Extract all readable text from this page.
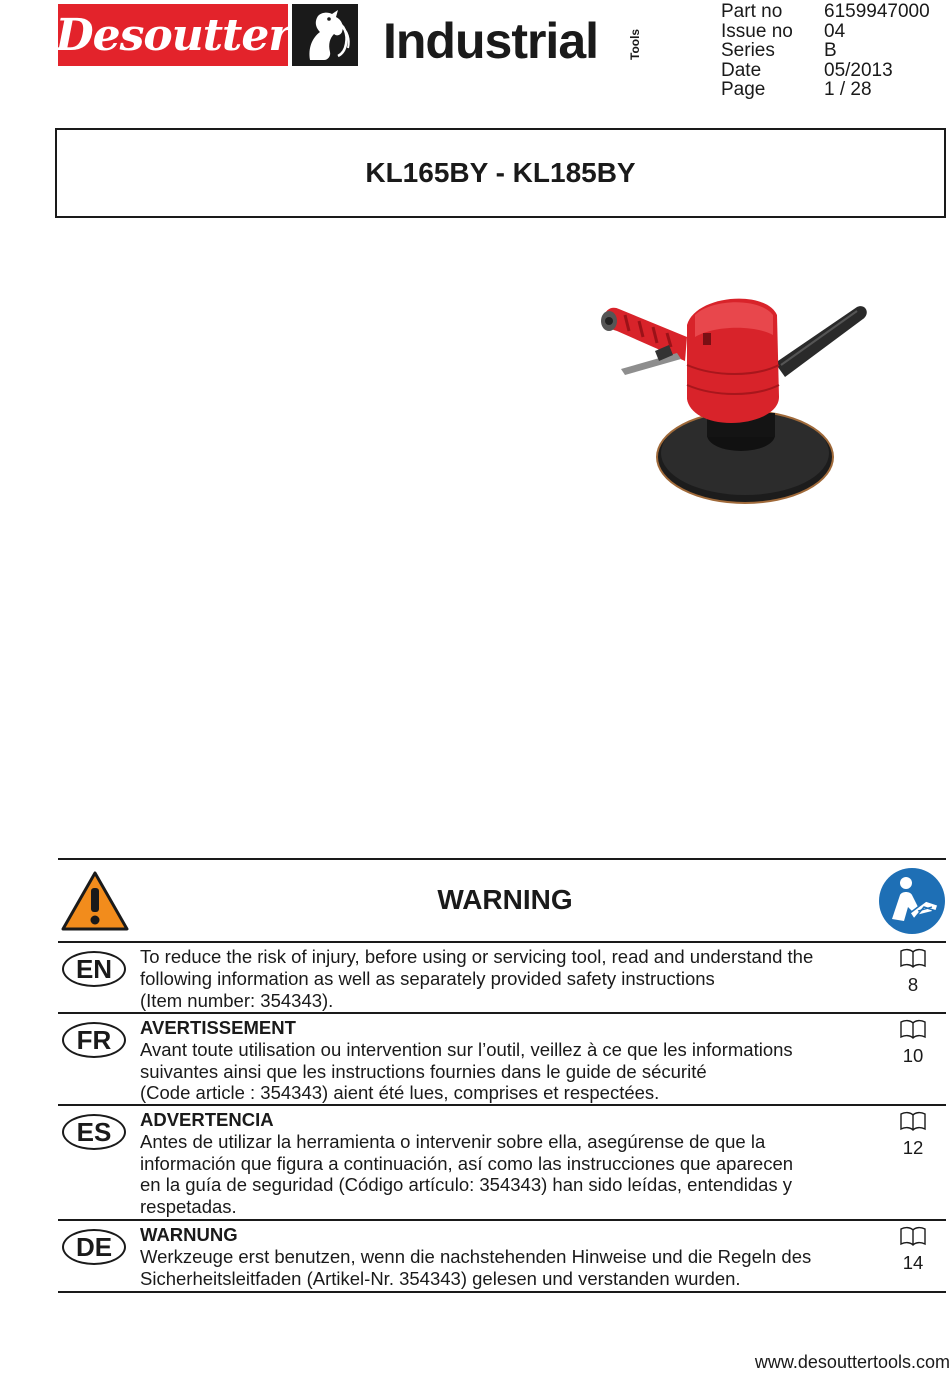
Desoutter Industrial Tools
Part no	6159947000
Issue no	04
Series	B
Date	05/2013
Page	1 / 28
KL165BY - KL185BY
WARNING
EN	To reduce the risk of injury, before using or servicing tool, read and understand the
following information as well as separately provided safety instructions
(Item number: 354343).
8
FR	AVERTISSEMENT
Avant toute utilisation ou intervention sur l’outil, veillez à ce que les informations
suivantes ainsi que les instructions fournies dans le guide de sécurité
(Code article : 354343) aient été lues, comprises et respectées.
10
ES	ADVERTENCIA
Antes de utilizar la herramienta o intervenir sobre ella, asegúrense de que la
información que figura a continuación, así como las instrucciones que aparecen
en la guía de seguridad (Código artículo: 354343) han sido leídas, entendidas y
respetadas.
12
DE	WARNUNG
Werkzeuge erst benutzen, wenn die nachstehenden Hinweise und die Regeln des
Sicherheitsleitfaden (Artikel-Nr. 354343) gelesen und verstanden wurden.
14
www.desouttertools.com
